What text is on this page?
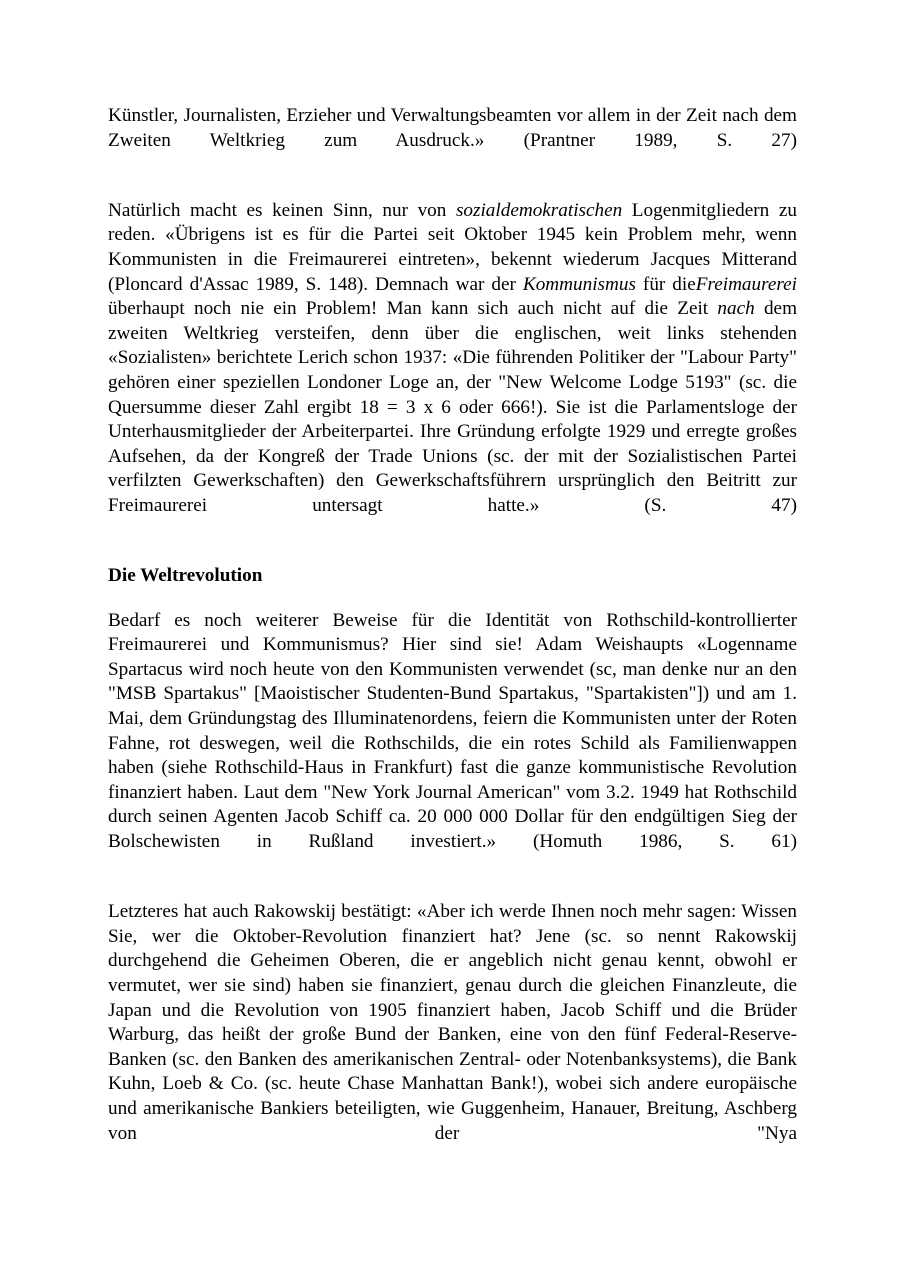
Künstler, Journalisten, Erzieher und Verwaltungsbeamten vor allem in der Zeit nach dem Zweiten Weltkrieg zum Ausdruck.» (Prantner 1989, S. 27)

Natürlich macht es keinen Sinn, nur von sozialdemokratischen Logenmitgliedern zu reden. «Übrigens ist es für die Partei seit Oktober 1945 kein Problem mehr, wenn Kommunisten in die Freimaurerei eintreten», bekennt wiederum Jacques Mitterand (Ploncard d'Assac 1989, S. 148). Demnach war der Kommunismus für dieFreimaurerei überhaupt noch nie ein Problem! Man kann sich auch nicht auf die Zeit nach dem zweiten Weltkrieg versteifen, denn über die englischen, weit links stehenden «Sozialisten» berichtete Lerich schon 1937: «Die führenden Politiker der "Labour Party" gehören einer speziellen Londoner Loge an, der "New Welcome Lodge 5193" (sc. die Quersumme dieser Zahl ergibt 18 = 3 x 6 oder 666!). Sie ist die Parlamentsloge der Unterhausmitglieder der Arbeiterpartei. Ihre Gründung erfolgte 1929 und erregte großes Aufsehen, da der Kongreß der Trade Unions (sc. der mit der Sozialistischen Partei verfilzten Gewerkschaften) den Gewerkschaftsführern ursprünglich den Beitritt zur Freimaurerei untersagt hatte.» (S. 47)

Die Weltrevolution

Bedarf es noch weiterer Beweise für die Identität von Rothschild-kontrollierter Freimaurerei und Kommunismus? Hier sind sie! Adam Weishaupts «Logenname Spartacus wird noch heute von den Kommunisten verwendet (sc, man denke nur an den "MSB Spartakus" [Maoistischer Studenten-Bund Spartakus, "Spartakisten"]) und am 1. Mai, dem Gründungstag des Illuminatenordens, feiern die Kommunisten unter der Roten Fahne, rot deswegen, weil die Rothschilds, die ein rotes Schild als Familienwappen haben (siehe Rothschild-Haus in Frankfurt) fast die ganze kommunistische Revolution finanziert haben. Laut dem "New York Journal American" vom 3.2. 1949 hat Rothschild durch seinen Agenten Jacob Schiff ca. 20 000 000 Dollar für den endgültigen Sieg der Bolschewisten in Rußland investiert.» (Homuth 1986, S. 61)

Letzteres hat auch Rakowskij bestätigt: «Aber ich werde Ihnen noch mehr sagen: Wissen Sie, wer die Oktober-Revolution finanziert hat? Jene (sc. so nennt Rakowskij durchgehend die Geheimen Oberen, die er angeblich nicht genau kennt, obwohl er vermutet, wer sie sind) haben sie finanziert, genau durch die gleichen Finanzleute, die Japan und die Revolution von 1905 finanziert haben, Jacob Schiff und die Brüder Warburg, das heißt der große Bund der Banken, eine von den fünf Federal-Reserve-Banken (sc. den Banken des amerikanischen Zentral- oder Notenbanksystems), die Bank Kuhn, Loeb & Co. (sc. heute Chase Manhattan Bank!), wobei sich andere europäische und amerikanische Bankiers beteiligten, wie Guggenheim, Hanauer, Breitung, Aschberg von der "Nya
